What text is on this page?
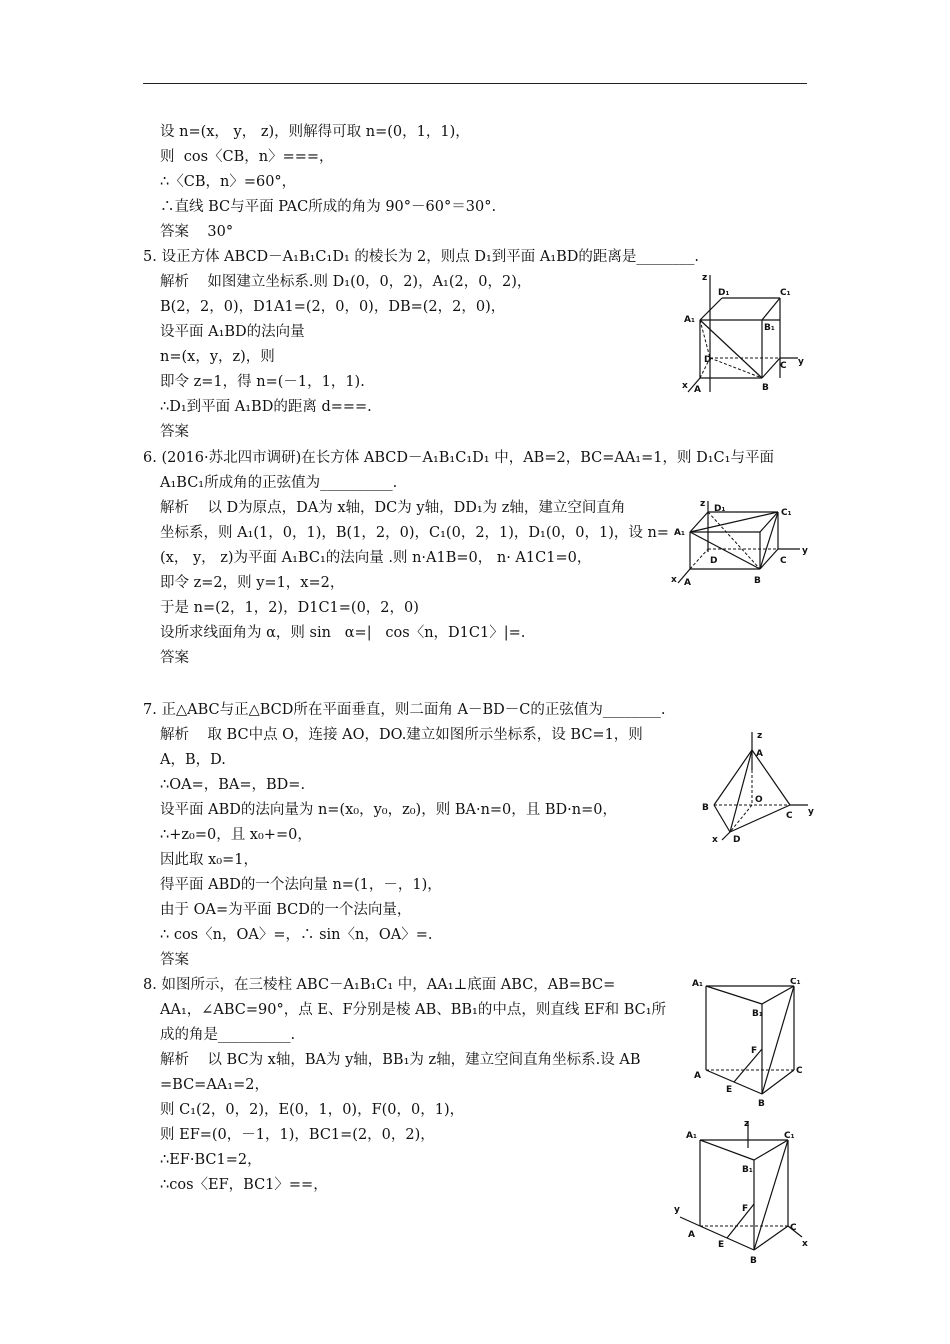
设 n=(x， y， z)，则解得可取 n=(0，1，1)，
则  cos〈CB，n〉===，
∴〈CB，n〉=60°，
∴直线 BC与平面 PAC所成的角为 90°－60°＝30°.
答案    30°
5. 设正方体 ABCD－A₁B₁C₁D₁ 的棱长为 2，则点 D₁到平面 A₁BD的距离是________.
解析    如图建立坐标系.则 D₁(0，0，2)，A₁(2，0，2)，
B(2，2，0)，D1A1=(2，0，0)，DB=(2，2，0)，
设平面 A₁BD的法向量
n=(x，y，z)，则
即令 z=1，得 n=(－1，1，1).
∴D₁到平面 A₁BD的距离 d===.
答案
6. (2016·苏北四市调研)在长方体 ABCD－A₁B₁C₁D₁ 中，AB=2，BC=AA₁=1，则 D₁C₁与平面
A₁BC₁所成角的正弦值为__________.
解析    以 D为原点，DA为 x轴，DC为 y轴，DD₁为 z轴，建立空间直角
坐标系，则 A₁(1，0，1)，B(1，2，0)，C₁(0，2，1)，D₁(0，0，1)，设 n=
(x， y， z)为平面 A₁BC₁的法向量 .则 n·A1B=0， n· A1C1=0，
即令 z=2，则 y=1，x=2，
于是 n=(2，1，2)，D1C1=(0，2，0)
设所求线面角为 α，则 sin   α=|   cos〈n，D1C1〉|=.
答案
7. 正△ABC与正△BCD所在平面垂直，则二面角 A－BD－C的正弦值为________.
解析    取 BC中点 O，连接 AO，DO.建立如图所示坐标系，设 BC=1，则
A，B，D.
∴OA=，BA=，BD=.
设平面 ABD的法向量为 n=(x₀，y₀，z₀)，则 BA·n=0，且 BD·n=0，
∴+z₀=0，且 x₀+=0，
因此取 x₀=1，
得平面 ABD的一个法向量 n=(1，－，1)，
由于 OA=为平面 BCD的一个法向量，
∴ cos〈n，OA〉=，∴ sin〈n，OA〉=.
答案
8. 如图所示，在三棱柱 ABC－A₁B₁C₁ 中，AA₁⊥底面 ABC，AB=BC=
AA₁，∠ABC=90°，点 E、F分别是棱 AB、BB₁的中点，则直线 EF和 BC₁所
成的角是__________.
解析    以 BC为 x轴，BA为 y轴，BB₁为 z轴，建立空间直角坐标系.设 AB
=BC=AA₁=2，
则 C₁(2，0，2)，E(0，1，0)，F(0，0，1)，
则 EF=(0，－1，1)，BC1=(2，0，2)，
∴EF·BC1=2，
∴cos〈EF，BC1〉==，
z
D₁	C₁
A₁
B₁
D
C y
x A	B
z D₁	C₁
A₁
D	C
y
x A	B
z
A
O
B
C y
x D
A₁	C₁
B₁
F
A	C
E
B
z
A₁	C₁
B₁
F
y
A
E
C
x
B
